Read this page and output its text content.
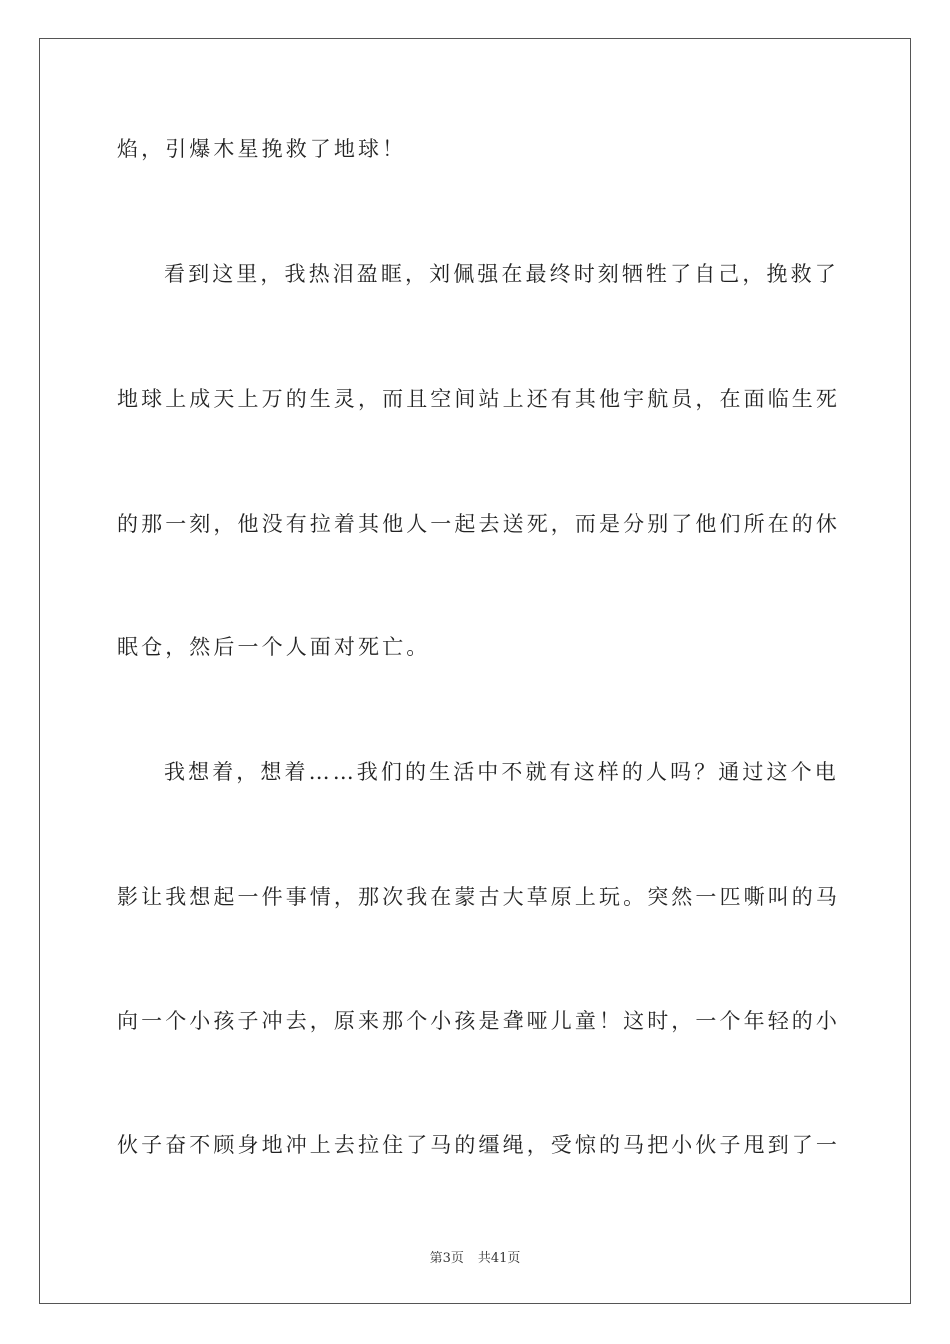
焰，引爆木星挽救了地球！
看到这里，我热泪盈眶，刘佩强在最终时刻牺牲了自己，挽救了
地球上成天上万的生灵，而且空间站上还有其他宇航员，在面临生死
的那一刻，他没有拉着其他人一起去送死，而是分别了他们所在的休
眠仓，然后一个人面对死亡。
我想着，想着……我们的生活中不就有这样的人吗？通过这个电
影让我想起一件事情，那次我在蒙古大草原上玩。突然一匹嘶叫的马
向一个小孩子冲去，原来那个小孩是聋哑儿童！这时，一个年轻的小
伙子奋不顾身地冲上去拉住了马的缰绳，受惊的马把小伙子甩到了一
第3页 共41页
